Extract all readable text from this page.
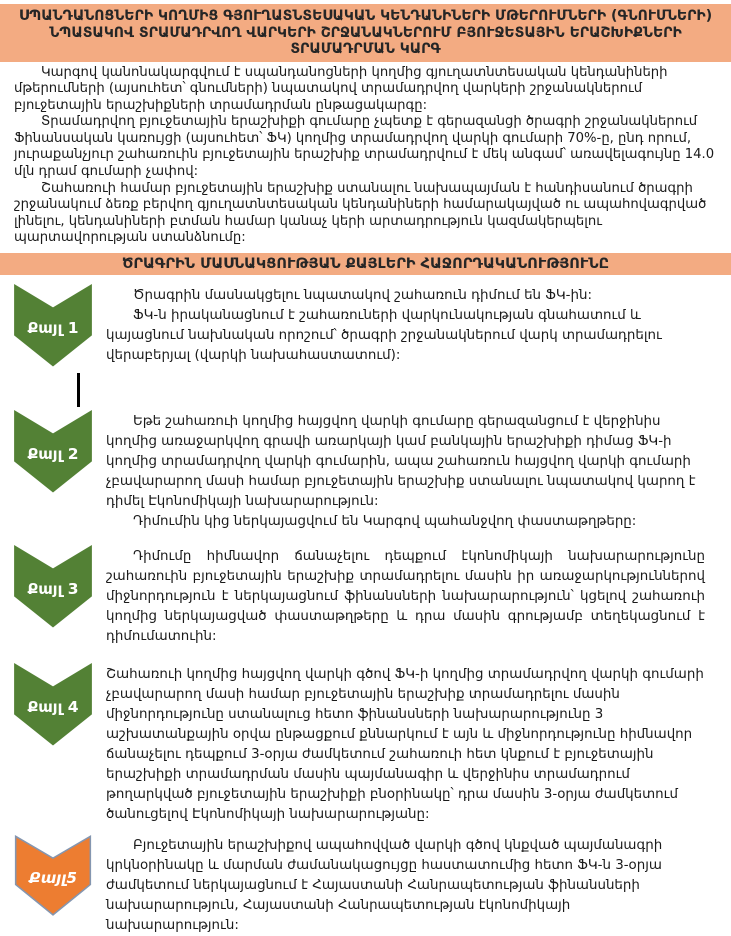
ՍՊԱՆԴԱՆՈՑՆԵՐԻ ԿՈՂՄԻՑ ԳՅՈՒՂԱՏՆՏԵՍԱԿԱՆ ԿԵՆԴԱՆԻՆԵՐԻ ՄԹԵՐՈՒՄՆԵՐԻ (ԳՆՈՒՄՆԵՐԻ) ՆՊԱՏԱԿՈՎ ՏՐԱՄԱԴՐՎՈՂ ՎԱՐԿԵՐԻ ՇՐՋԱՆԱԿՆԵՐՈՒՄ ԲՅՈՒՋԵՏԱՅԻՆ ԵՐԱՇԽԻՔՆԵՐԻ ՏՐԱՄԱԴՐՄԱՆ ԿԱՐԳ

Կարգով կանոնակարգվում է սպանդանոցների կողմից գյուղատնտեսական կենդանիների մթերումների (այսուհետ՝ գնումների) նպատակով տրամադրվող վարկերի շրջանակներում բյուջետային երաշխիքների տրամադրման ընթացակարգը:

Տրամադրվող բյուջետային երաշխիքի գումարը չպետք է գերազանցի ծրագրի շրջանակներում Ֆինանսական կառույցի (այսուհետ՝ ՖԿ) կողմից տրամադրվող վարկի գումարի 70%-ը, ընդ որում, յուրաքանչյուր շահառուին բյուջետային երաշխիք տրամադրվում է մեկ անգամ՝ առավելագույնը 14.0 մլն դրամ գումարի չափով:

Շահառուի համար բյուջետային երաշխիք ստանալու նախապայման է հանդիսանում ծրագրի շրջանակում ձեռք բերվող գյուղատնտեսական կենդանիների համարակայված ու ապահովագրված լինելու, կենդանիների բտման համար կանաչ կերի արտադրություն կազմակերպելու պարտավորության ստանձնումը:

ԾՐԱԳՐԻՆ ՄԱՍՆԱԿՑՈՒԹՅԱՆ ՔԱՅԼԵՐԻ ՀԱՋՈՐԴԱԿԱՆՈՒԹՅՈՒՆԸ
Քայլ 1

Ծրագրին մասնակցելու նպատակով շահառուն դիմում են ՖԿ-ին:

ՖԿ-ն իրականացնում է շահառուների վարկունակության գնահատում և կայացնում նախնական որոշում՝ ծրագրի շրջանակներում վարկ տրամադրելու վերաբերյալ (վարկի նախահաստատում):

Քայլ 2

Եթե շահառուի կողմից հայցվող վարկի գումարը գերազանցում է վերջինիս կողմից առաջարկվող գրավի առարկայի կամ բանկային երաշխիքի դիմաց ՖԿ-ի կողմից տրամադրվող վարկի գումարին, ապա շահառուն հայցվող վարկի գումարի չբավարարող մասի համար բյուջետային երաշխիք ստանալու նպատակով կարող է դիմել Էկոնոմիկայի նախարարություն:

Դիմումին կից ներկայացվում են Կարգով պահանջվող փաստաթղթերը:

Քայլ 3

Դիմումը հիմնավոր ճանաչելու դեպքում էկոնոմիկայի նախարարությունը շահառուին բյուջետային երաշխիք տրամադրելու մասին իր առաջարկություններով միջնորդություն է ներկայացնում ֆինանսների նախարարություն՝ կցելով շահառուի կողմից ներկայացված փաստաթղթերը և դրա մասին գրությամբ տեղեկացնում է դիմումատուին:

Քայլ 4

Շահառուի կողմից հայցվող վարկի գծով ՖԿ-ի կողմից տրամադրվող վարկի գումարի չբավարարող մասի համար բյուջետային երաշխիք տրամադրելու մասին միջնորդությունը ստանալուց հետո ֆինանսների նախարարությունը 3 աշխատանքային օրվա ընթացքում քննարկում է այն և միջնորդությունը հիմնավոր ճանաչելու դեպքում 3-օրյա ժամկետում շահառուի հետ կնքում է բյուջետային երաշխիքի տրամադրման մասին պայմանագիր և վերջինիս տրամադրում թողարկված բյուջետային երաշխիքի բնօրինակը՝ դրա մասին 3-օրյա ժամկետում ծանուցելով Էկոնոմիկայի նախարարությանը:

Քայլ5

Բյուջետային երաշխիքով ապահովված վարկի գծով կնքված պայմանագրի կրկնօրինակը և մարման ժամանակացույցը հաստատումից հետո ՖԿ-ն 3-օրյա ժամկետում ներկայացնում է Հայաստանի Հանրապետության ֆինանսների նախարարություն, Հայաստանի Հանրապետության էկոնոմիկայի նախարարություն:
